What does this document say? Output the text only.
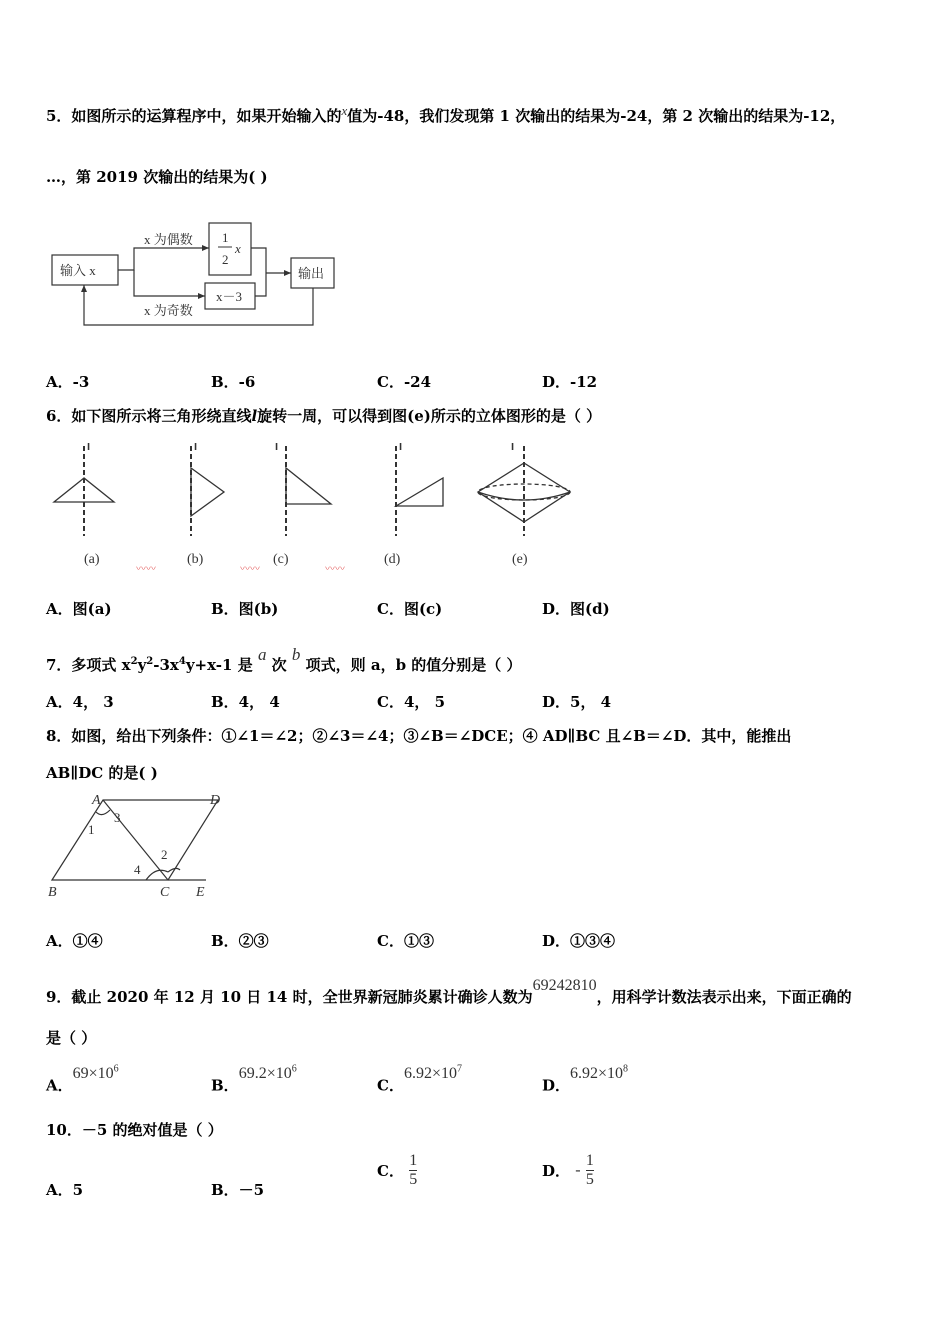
5．如图所示的运算程序中，如果开始输入的x值为-48，我们发现第 1 次输出的结果为-24，第 2 次输出的结果为-12，
…，第 2019 次输出的结果为( )
输入 x
x 为偶数
x 为奇数
1
2
x
x－3
输出
A．-3	B．-6	C．-24	D．-12
6．如下图所示将三角形绕直线l旋转一周，可以得到图(e)所示的立体图形的是（ ）
l	l	l	l	l
(a)	(b)	(c)	(d)	(e)
〰〰	〰〰	〰〰
A．图(a)	B．图(b)	C．图(c)	D．图(d)
7．多项式 $x^2y^2-3x^4y+x-1$ 是 a 次 b 项式，则 a，b 的值分别是（ ）
A．4， 3	B．4， 4	C．4， 5	D．5， 4
8．如图，给出下列条件：①∠1＝∠2；②∠3＝∠4；③∠B＝∠DCE；④ AD∥BC 且∠B＝∠D．其中，能推出
AB∥DC 的是( )
A	D
B	C E
1
2
3
4
A．①④	B．②③	C．①③	D．①③④
9．截止 2020 年 12 月 10 日 14 时，全世界新冠肺炎累计确诊人数为69242810，用科学计数法表示出来，下面正确的
是（ ）
A．$69\times 10^6$
B．$69.2\times 10^6$
C．$6.92\times 10^7$
D．$6.92\times 10^8$
10．－5 的绝对值是（ ）
A．5	B．－5
C． $\frac{1}{5}$	D． - $\frac{1}{5}$
